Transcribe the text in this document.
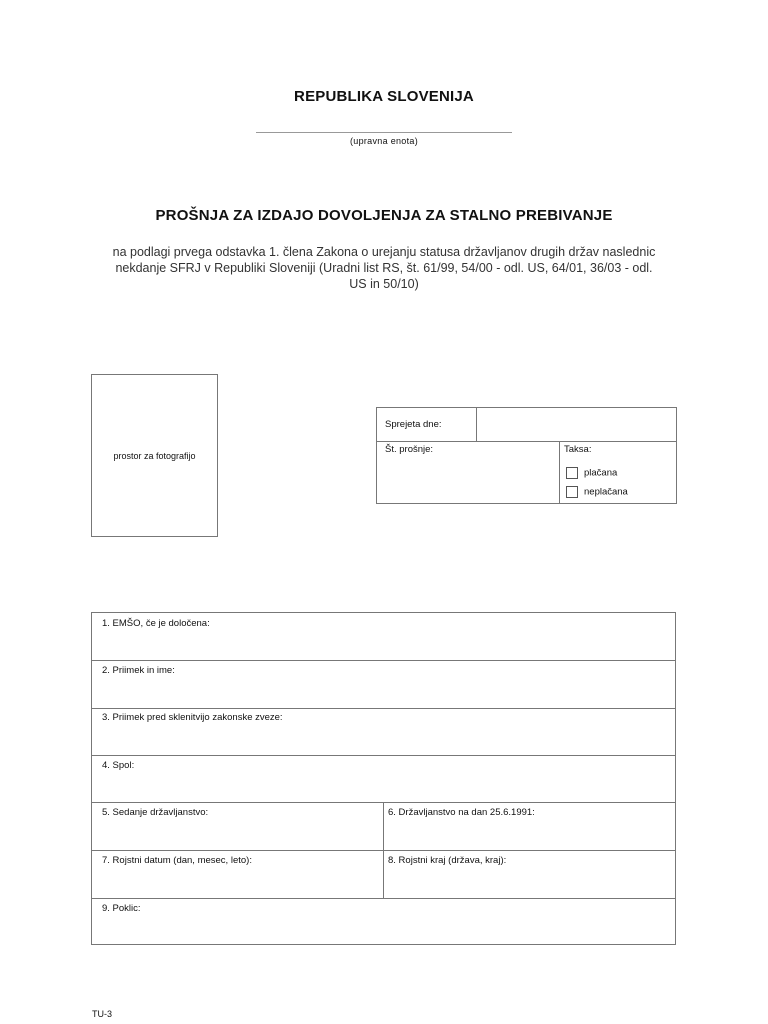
REPUBLIKA SLOVENIJA
(upravna enota)
PROŠNJA ZA IZDAJO DOVOLJENJA ZA STALNO PREBIVANJE
na podlagi prvega odstavka 1. člena Zakona o urejanju statusa državljanov drugih držav naslednic nekdanje SFRJ v Republiki Sloveniji (Uradni list RS, št. 61/99, 54/00 - odl. US, 64/01, 36/03 - odl. US in 50/10)
prostor za fotografijo
Sprejeta dne:
Št. prošnje:	Taksa:
plačana
neplačana
1. EMŠO, če je določena:
2. Priimek in ime:
3. Priimek pred sklenitvijo zakonske zveze:
4. Spol:
5. Sedanje državljanstvo:	6. Državljanstvo na dan 25.6.1991:
7. Rojstni datum (dan, mesec, leto):	8. Rojstni kraj (država, kraj):
9. Poklic:
TU-3
